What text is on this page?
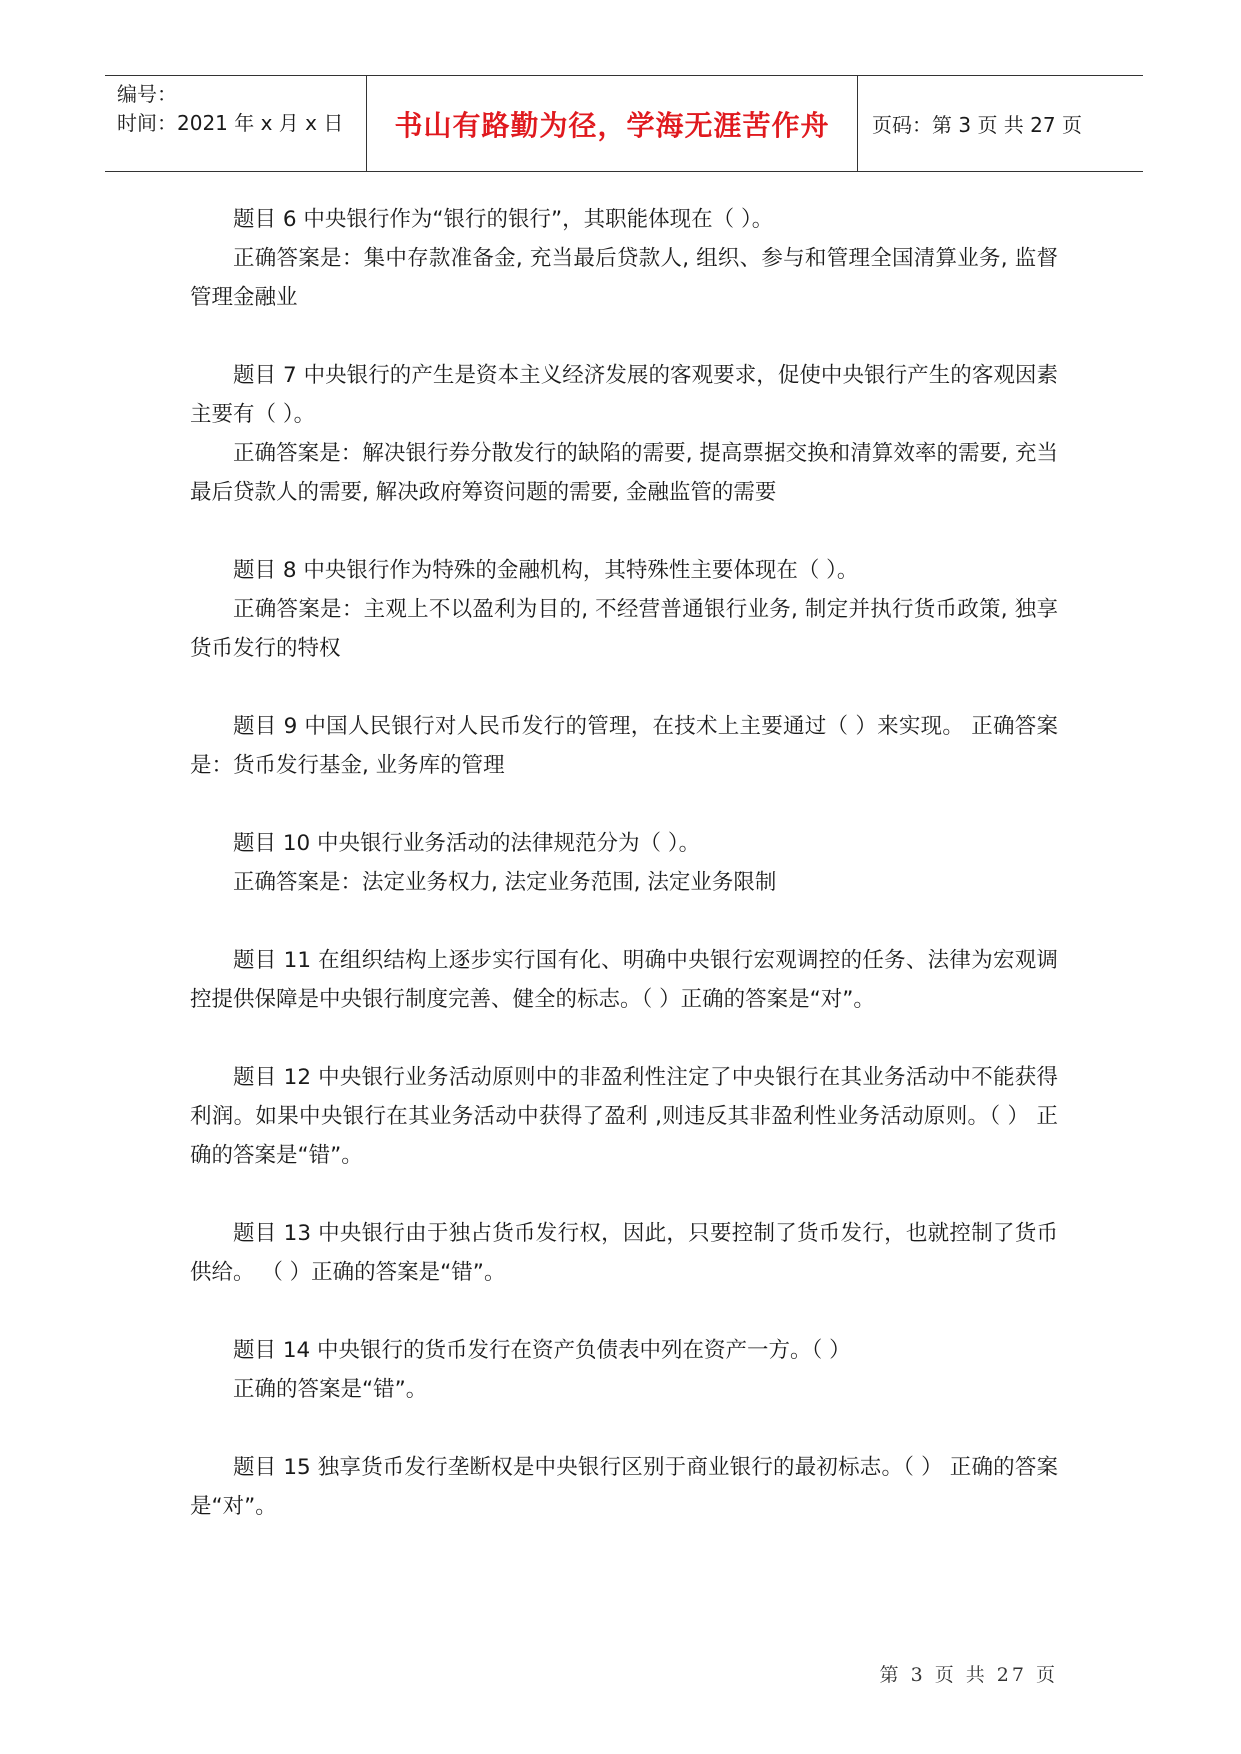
编号：
时间：2021 年 x 月 x 日	书山有路勤为径，学海无涯苦作舟	页码：第 3 页 共 27 页

题目 6 中央银行作为“银行的银行”，其职能体现在（ ）。

正确答案是：集中存款准备金, 充当最后贷款人, 组织、参与和管理全国清算业务, 监督管理金融业

题目 7 中央银行的产生是资本主义经济发展的客观要求，促使中央银行产生的客观因素主要有（ ）。

正确答案是：解决银行券分散发行的缺陷的需要, 提高票据交换和清算效率的需要, 充当最后贷款人的需要, 解决政府筹资问题的需要, 金融监管的需要

题目 8 中央银行作为特殊的金融机构，其特殊性主要体现在（ ）。

正确答案是：主观上不以盈利为目的, 不经营普通银行业务, 制定并执行货币政策, 独享货币发行的特权

题目 9 中国人民银行对人民币发行的管理，在技术上主要通过（ ）来实现。 正确答案是：货币发行基金, 业务库的管理

题目 10 中央银行业务活动的法律规范分为（ ）。

正确答案是：法定业务权力, 法定业务范围, 法定业务限制

题目 11 在组织结构上逐步实行国有化、明确中央银行宏观调控的任务、法律为宏观调控提供保障是中央银行制度完善、健全的标志。（ ）正确的答案是“对”。

题目 12 中央银行业务活动原则中的非盈利性注定了中央银行在其业务活动中不能获得利润。如果中央银行在其业务活动中获得了盈利 ,则违反其非盈利性业务活动原则。（ ） 正确的答案是“错”。

题目 13 中央银行由于独占货币发行权，因此，只要控制了货币发行，也就控制了货币供给。 （ ）正确的答案是“错”。

题目 14 中央银行的货币发行在资产负债表中列在资产一方。（ ）

正确的答案是“错”。

题目 15 独享货币发行垄断权是中央银行区别于商业银行的最初标志。（ ） 正确的答案是“对”。

第 3 页 共 27 页
